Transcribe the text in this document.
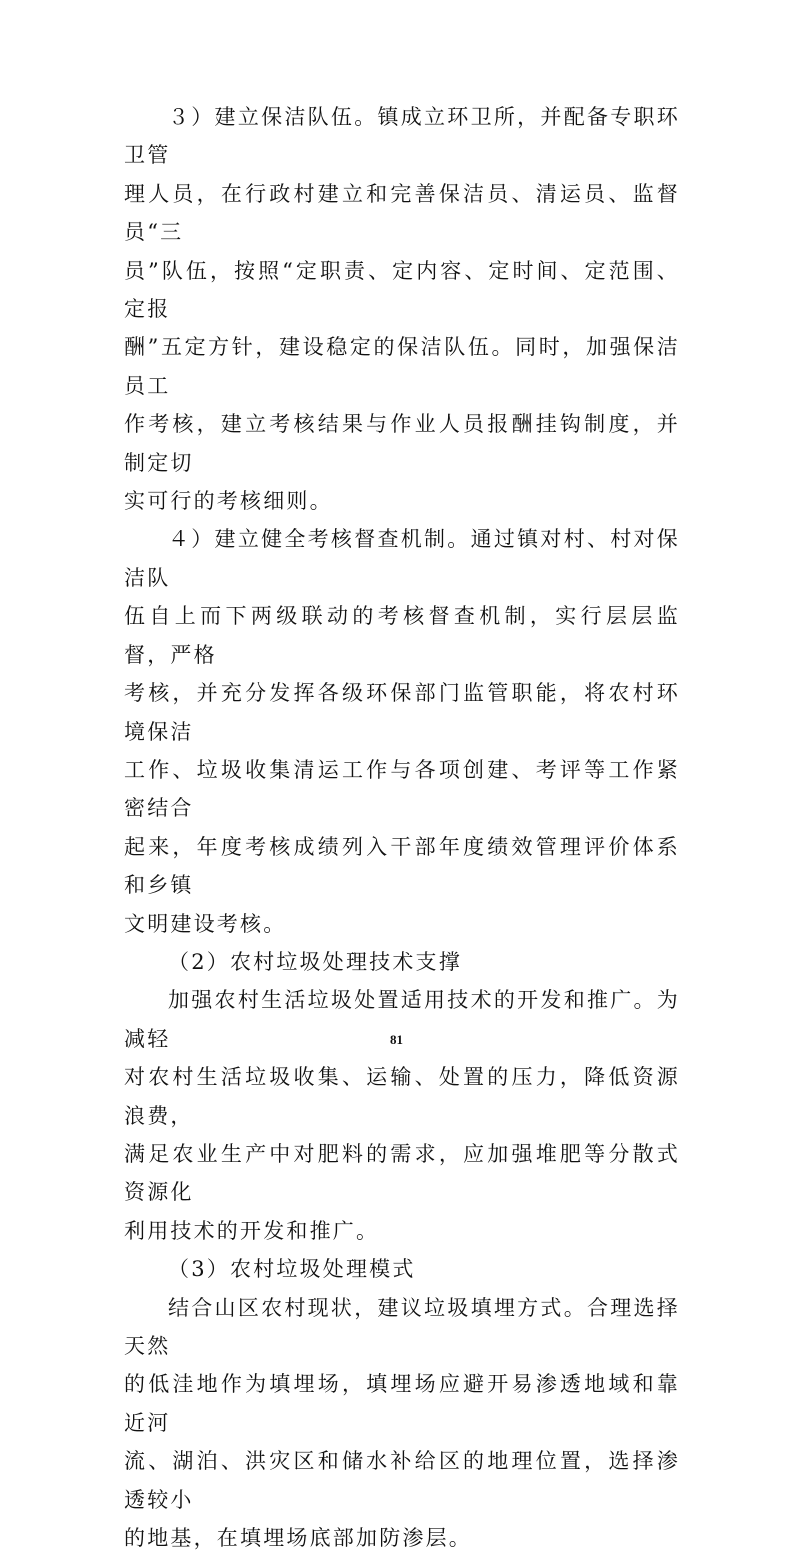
３）建立保洁队伍。镇成立环卫所，并配备专职环卫管
理人员，在行政村建立和完善保洁员、清运员、监督员“三
员”队伍，按照“定职责、定内容、定时间、定范围、定报
酬”五定方针，建设稳定的保洁队伍。同时，加强保洁员工
作考核，建立考核结果与作业人员报酬挂钩制度，并制定切
实可行的考核细则。

４）建立健全考核督查机制。通过镇对村、村对保洁队
伍自上而下两级联动的考核督查机制，实行层层监督，严格
考核，并充分发挥各级环保部门监管职能，将农村环境保洁
工作、垃圾收集清运工作与各项创建、考评等工作紧密结合
起来，年度考核成绩列入干部年度绩效管理评价体系和乡镇
文明建设考核。

（2）农村垃圾处理技术支撑

加强农村生活垃圾处置适用技术的开发和推广。为减轻
对农村生活垃圾收集、运输、处置的压力，降低资源浪费，
满足农业生产中对肥料的需求，应加强堆肥等分散式资源化
利用技术的开发和推广。

（3）农村垃圾处理模式

结合山区农村现状，建议垃圾填埋方式。合理选择天然
的低洼地作为填埋场，填埋场应避开易渗透地域和靠近河
流、湖泊、洪灾区和储水补给区的地理位置，选择渗透较小
的地基，在填埋场底部加防渗层。

81
